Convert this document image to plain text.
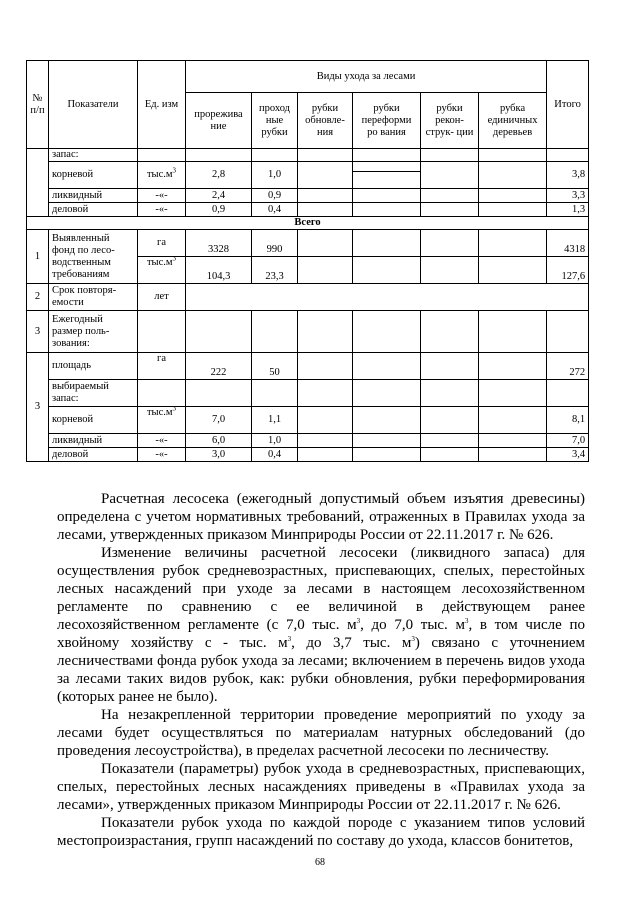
№ п/п	Показатели	Ед. изм	Виды ухода за лесами						Итого
			прорежива ние	проход ные рубки	рубки обновле- ния	рубки переформи ро вания	рубки рекон- струк- ции	рубка единичных деревьев	
	запас:								
	корневой	$тыс.м^3$	2,8	1,0					3,8
	ликвидный	-«-	2,4	0,9					3,3
	деловой	-«-	0,9	0,4					1,3
Всего									
1	Выявленный фонд по лесо- водственным требованиям	га	3328	990					4318
		$тыс.м^3$	104,3	23,3					127,6
2	Срок повторя- емости	лет							
3	Ежегодный размер поль- зования:								
3	площадь	га	222	50					272
	выбираемый запас:								
	корневой	$тыс.м^3$	7,0	1,1					8,1
	ликвидный	-«-	6,0	1,0					7,0
	деловой	-«-	3,0	0,4					3,4

Расчетная лесосека (ежегодный допустимый объем изъятия древесины) определена с учетом нормативных требований, отраженных в Правилах ухода за лесами, утвержденных приказом Минприроды России от 22.11.2017 г. № 626.

Изменение величины расчетной лесосеки (ликвидного запаса) для осуществления рубок средневозрастных, приспевающих, спелых, перестойных лесных насаждений при уходе за лесами в настоящем лесохозяйственном регламенте по сравнению с ее величиной в действующем ранее лесохозяйственном регламенте (с 7,0 тыс. $м^3$, до 7,0 тыс. $м^3$, в том числе по хвойному хозяйству с - тыс. $м^3$, до 3,7 тыс. $м^3$) связано с уточнением лесничествами фонда рубок ухода за лесами; включением в перечень видов ухода за лесами таких видов рубок, как: рубки обновления, рубки переформирования (которых ранее не было).

На незакрепленной территории проведение мероприятий по уходу за лесами будет осуществляться по материалам натурных обследований (до проведения лесоустройства), в пределах расчетной лесосеки по лесничеству.

Показатели (параметры) рубок ухода в средневозрастных, приспевающих, спелых, перестойных лесных насаждениях приведены в «Правилах ухода за лесами», утвержденных приказом Минприроды России от 22.11.2017 г. № 626.

Показатели рубок ухода по каждой породе с указанием типов условий местопроизрастания, групп насаждений по составу до ухода, классов бонитетов,

68
